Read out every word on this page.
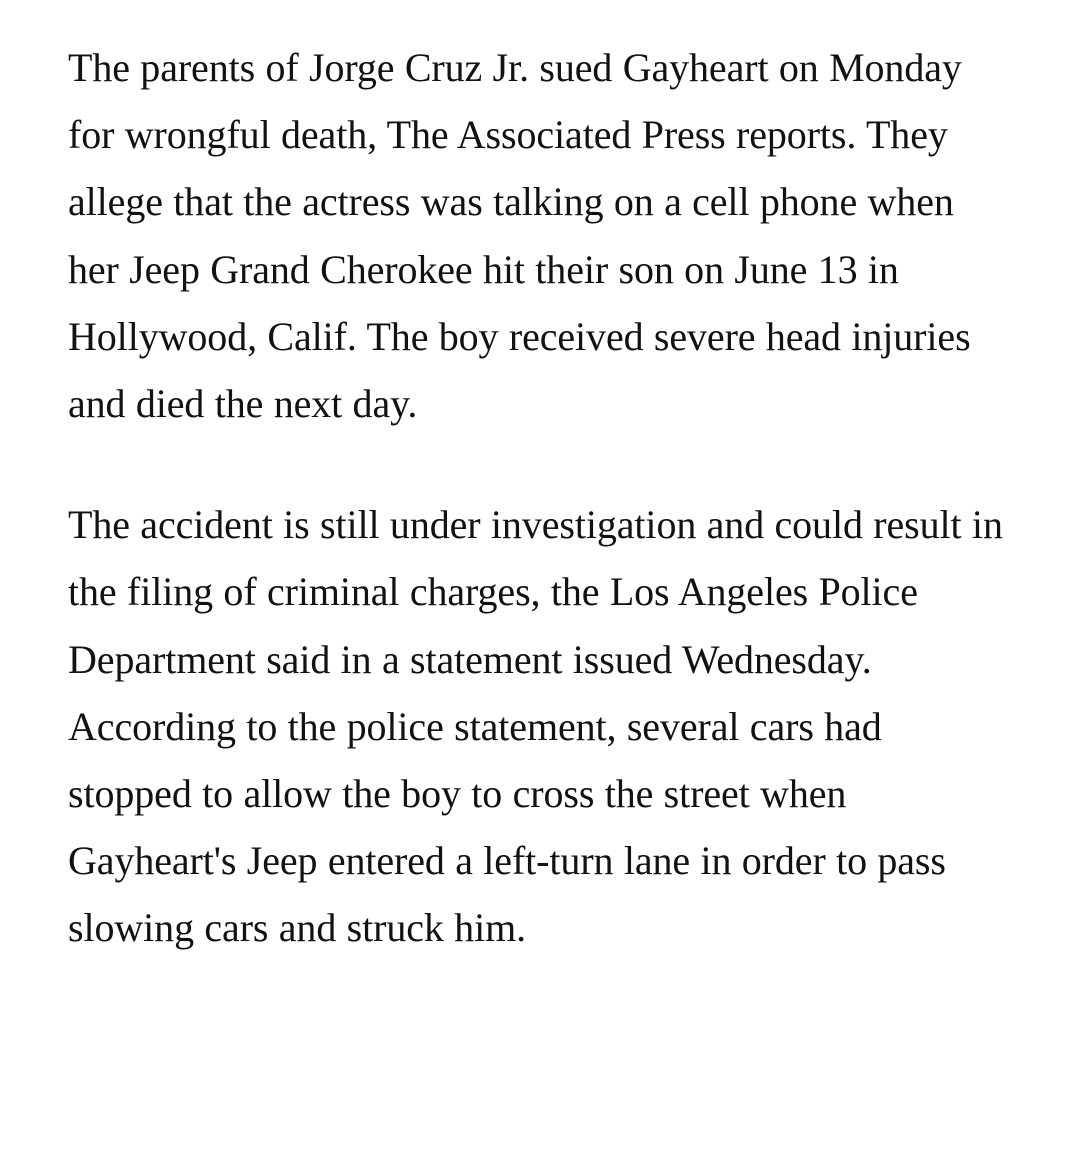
The parents of Jorge Cruz Jr. sued Gayheart on Monday for wrongful death, The Associated Press reports. They allege that the actress was talking on a cell phone when her Jeep Grand Cherokee hit their son on June 13 in Hollywood, Calif. The boy received severe head injuries and died the next day.

The accident is still under investigation and could result in the filing of criminal charges, the Los Angeles Police Department said in a statement issued Wednesday. According to the police statement, several cars had stopped to allow the boy to cross the street when Gayheart's Jeep entered a left-turn lane in order to pass slowing cars and struck him.
